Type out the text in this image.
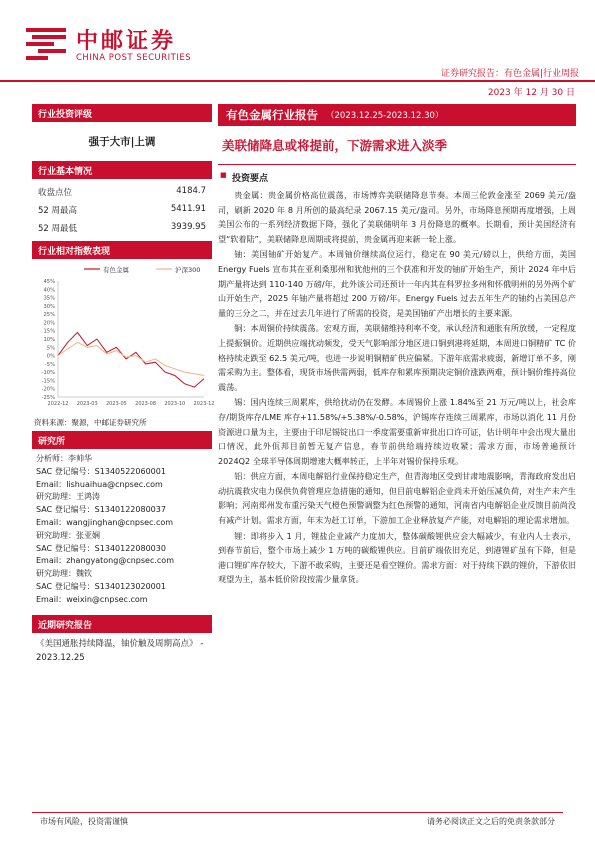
中邮证券
CHINA POST SECURITIES
证券研究报告：有色金属|行业周报
2023 年 12 月 30 日
行业投资评级
强于大市|上调
行业基本情况
收盘点位	4184.7
52 周最高	5411.91
52 周最低	3939.95
行业相对指数表现
有色金属	沪深300
45%
40%
35%
30%
25%
20%
15%
10%
5%
0%
-5%
-10%
-15%
-20%
-25%
2022-12 2023-03 2023-05 2023-08 2023-10 2023-12
资料来源：聚源，中邮证券研究所
研究所
分析师：李帅华
SAC 登记编号：S1340522060001
Email：lishuaihua@cnpsec.com
研究助理：王鸿涛
SAC 登记编号：S1340122080037
Email：wangjinghan@cnpsec.com
研究助理：张亚娴
SAC 登记编号：S1340122080030
Email：zhangyatong@cnpsec.com
研究助理：魏钦
SAC 登记编号：S1340123020001
Email：weixin@cnpsec.com
近期研究报告
《美国通胀持续降温，铀价触及周期高点》 - 2023.12.25
有色金属行业报告 （2023.12.25-2023.12.30）
美联储降息或将提前，下游需求进入淡季
■ 投资要点

贵金属：贵金属价格高位震荡，市场博弈美联储降息节奏。本周三伦敦金涨至 2069 美元/盎司，刷新 2020 年 8 月所创的最高纪录 2067.15 美元/盎司。另外，市场降息预期再度增强，上周美国公布的一系列经济数据下降，强化了美联储明年 3 月份降息的概率。长期看，预计美国经济有望“软着陆”，美联储降息周期或将提前，贵金属再迎来新一轮上涨。

铀：美国铀矿开始复产。本周铀价继续高位运行，稳定在 90 美元/磅以上，供给方面，美国 Energy Fuels 宣布其在亚利桑那州和犹他州的三个获准和开发的铀矿开始生产，预计 2024 年中后期产量将达到 110-140 万磅/年，此外该公司还预计一年内其在科罗拉多州和怀俄明州的另外两个矿山开始生产，2025 年铀产量将超过 200 万磅/年。Energy Fuels 过去五年生产的铀约占美国总产量的三分之二，并在过去几年进行了所需的投资，是美国铀矿产出增长的主要来源。

铜：本周铜价持续震荡。宏观方面，美联储维持利率不变，承认经济和通胀有所放缓，一定程度上提振铜价。近期供应端扰动频发，受天气影响部分地区进口铜到港将延期，本周进口铜精矿 TC 价格持续走跌至 62.5 美元/吨，也进一步说明铜精矿供应偏紧。下游年底需求疲弱，新增订单不多，刚需采购为主。整体看，现货市场供需两弱，低库存和累库预期决定铜价涨跌两难，预计铜价维持高位震荡。

锡：国内连续三周累库，供给扰动仍在发酵。本周锡价上涨 1.84%至 21 万元/吨以上，社会库存/期货库存/LME 库存+11.58%/+5.38%/-0.58%，沪锡库存连续三周累库，市场以消化 11 月份资源进口量为主，主要由于印尼锡锭出口一季度需要重新审批出口许可证，估计明年中会出现大量出口情况，此外佤邦目前暂无复产信息，春节前供给端持续边收紧；需求方面，市场普遍预计 2024Q2 全球半导体周期增速大概率转正，上半年对锡价保持乐观。

铝：供应方面，本周电解铝行业保持稳定生产，但青海地区受到甘肃地震影响，青海政府发出启动抗震救灾电力保供负荷管理应急措施的通知，但目前电解铝企业尚未开始压减负荷，对生产未产生影响；河南郑州发布重污染天气橙色预警调整为红色预警的通知，河南省内电解铝企业反馈目前尚没有减产计划。需求方面，年末为赶工订单，下游加工企业释放复产产能，对电解铝的理论需求增加。

锂：即将步入 1 月，锂盐企业减产力度加大，整体碳酸锂供应会大幅减少，有业内人士表示，到春节前后，整个市场上减少 1 万吨的碳酸锂供应。目前矿端依旧充足，到港锂矿虽有下降，但是港口锂矿库存较大，下游不敢采购，主要还是看空锂价。需求方面：对于持续下跌的锂价，下游依旧观望为主，基本低价阶段按需少量拿货。

市场有风险，投资需谨慎	请务必阅读正文之后的免责条款部分
